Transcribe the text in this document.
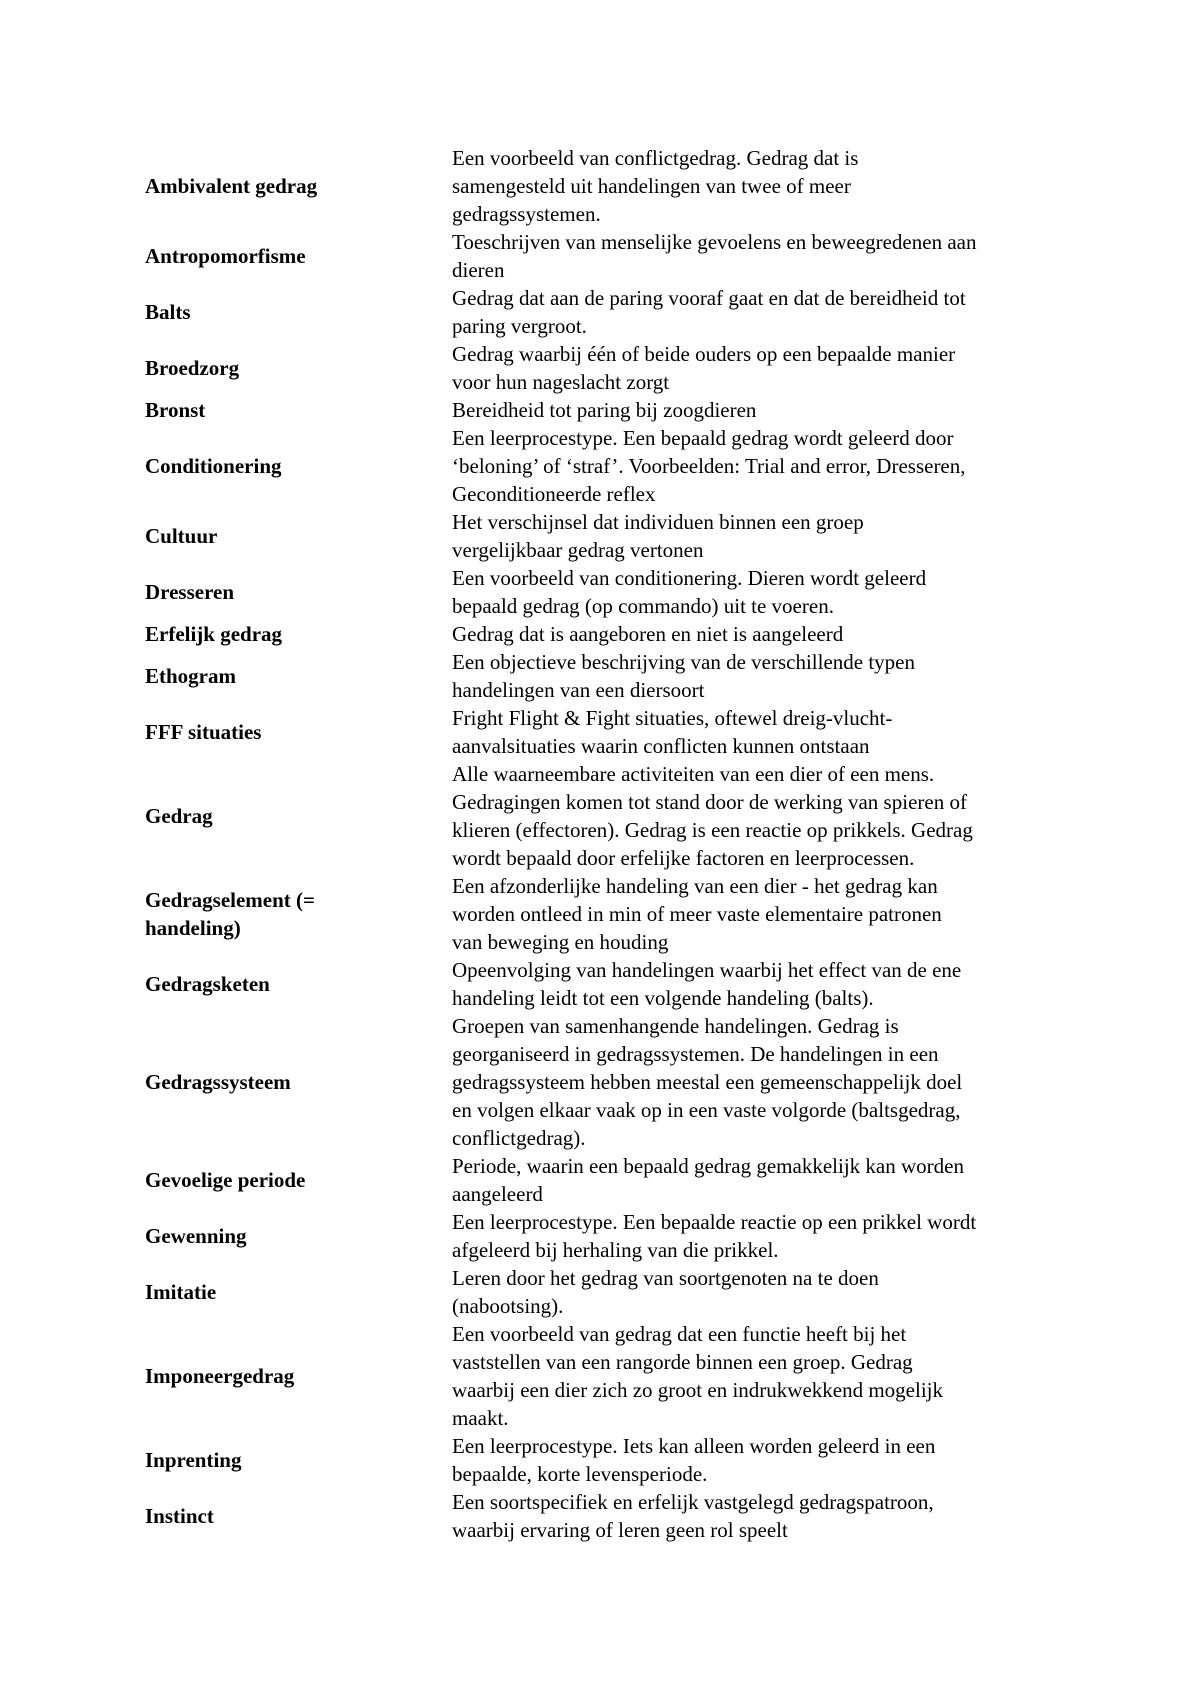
Ambivalent gedrag
Een voorbeeld van conflictgedrag. Gedrag dat is
samengesteld uit handelingen van twee of meer
gedragssystemen.
Antropomorfisme
Toeschrijven van menselijke gevoelens en beweegredenen aan
dieren
Balts
Gedrag dat aan de paring vooraf gaat en dat de bereidheid tot
paring vergroot.
Broedzorg
Gedrag waarbij één of beide ouders op een bepaalde manier
voor hun nageslacht zorgt
Bronst	Bereidheid tot paring bij zoogdieren
Conditionering
Een leerprocestype. Een bepaald gedrag wordt geleerd door
‘beloning’ of ‘straf’. Voorbeelden: Trial and error, Dresseren,
Geconditioneerde reflex
Cultuur
Het verschijnsel dat individuen binnen een groep
vergelijkbaar gedrag vertonen
Dresseren
Een voorbeeld van conditionering. Dieren wordt geleerd
bepaald gedrag (op commando) uit te voeren.
Erfelijk gedrag	Gedrag dat is aangeboren en niet is aangeleerd
Ethogram
Een objectieve beschrijving van de verschillende typen
handelingen van een diersoort
FFF situaties
Fright Flight & Fight situaties, oftewel dreig-vlucht-
aanvalsituaties waarin conflicten kunnen ontstaan
Gedrag
Alle waarneembare activiteiten van een dier of een mens.
Gedragingen komen tot stand door de werking van spieren of
klieren (effectoren). Gedrag is een reactie op prikkels. Gedrag
wordt bepaald door erfelijke factoren en leerprocessen.
Gedragselement (=
handeling)
Een afzonderlijke handeling van een dier - het gedrag kan
worden ontleed in min of meer vaste elementaire patronen
van beweging en houding
Gedragsketen
Opeenvolging van handelingen waarbij het effect van de ene
handeling leidt tot een volgende handeling (balts).
Gedragssysteem
Groepen van samenhangende handelingen. Gedrag is
georganiseerd in gedragssystemen. De handelingen in een
gedragssysteem hebben meestal een gemeenschappelijk doel
en volgen elkaar vaak op in een vaste volgorde (baltsgedrag,
conflictgedrag).
Gevoelige periode
Periode, waarin een bepaald gedrag gemakkelijk kan worden
aangeleerd
Gewenning
Een leerprocestype. Een bepaalde reactie op een prikkel wordt
afgeleerd bij herhaling van die prikkel.
Imitatie
Leren door het gedrag van soortgenoten na te doen
(nabootsing).
Imponeergedrag
Een voorbeeld van gedrag dat een functie heeft bij het
vaststellen van een rangorde binnen een groep. Gedrag
waarbij een dier zich zo groot en indrukwekkend mogelijk
maakt.
Inprenting
Een leerprocestype. Iets kan alleen worden geleerd in een
bepaalde, korte levensperiode.
Instinct
Een soortspecifiek en erfelijk vastgelegd gedragspatroon,
waarbij ervaring of leren geen rol speelt
